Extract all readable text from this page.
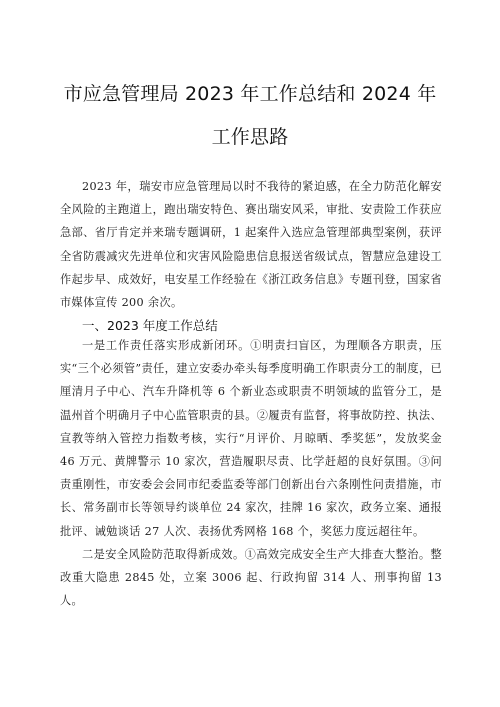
市应急管理局 2023 年工作总结和 2024 年
工作思路

2023 年，瑞安市应急管理局以时不我待的紧迫感，在全力防范化解安全风险的主跑道上，跑出瑞安特色、赛出瑞安风采，审批、安责险工作获应急部、省厅肯定并来瑞专题调研，1 起案件入选应急管理部典型案例，获评全省防震减灾先进单位和灾害风险隐患信息报送省级试点，智慧应急建设工作起步早、成效好，电安星工作经验在《浙江政务信息》专题刊登，国家省市媒体宣传 200 余次。

一、2023 年度工作总结

一是工作责任落实形成新闭环。①明责扫盲区，为理顺各方职责，压实“三个必须管”责任，建立安委办牵头每季度明确工作职责分工的制度，已厘清月子中心、汽车升降机等 6 个新业态或职责不明领域的监管分工，是温州首个明确月子中心监管职责的县。②履责有监督，将事故防控、执法、宣教等纳入管控力指数考核，实行“月评价、月晾晒、季奖惩”，发放奖金 46 万元、黄牌警示 10 家次，营造履职尽责、比学赶超的良好氛围。③问责重刚性，市安委会会同市纪委监委等部门创新出台六条刚性问责措施，市长、常务副市长等领导约谈单位 24 家次，挂牌 16 家次，政务立案、通报批评、诫勉谈话 27 人次、表扬优秀网格 168 个，奖惩力度远超往年。

二是安全风险防范取得新成效。①高效完成安全生产大排查大整治。整改重大隐患 2845 处，立案 3006 起、行政拘留 314 人、刑事拘留 13 人。
